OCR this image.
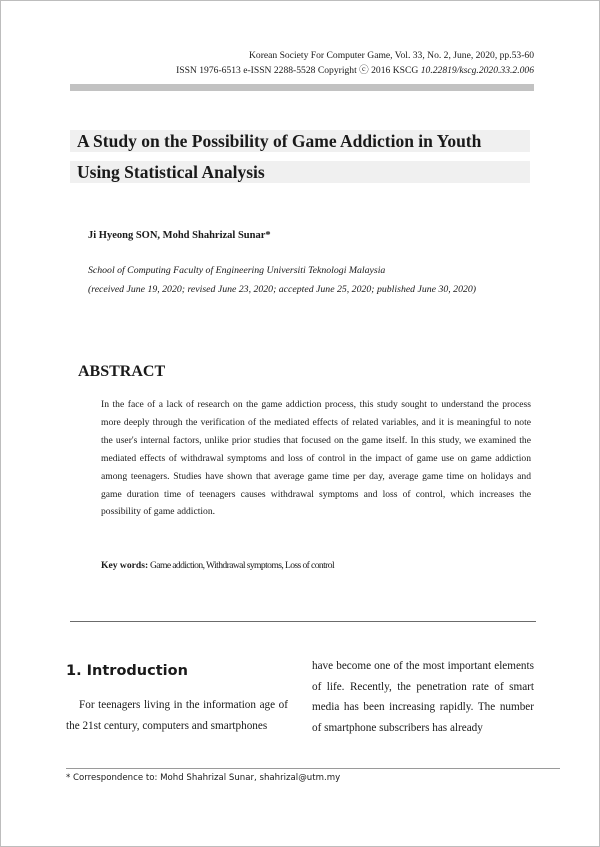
Korean Society For Computer Game, Vol. 33, No. 2, June, 2020, pp.53-60
ISSN 1976-6513 e-ISSN 2288-5528 Copyright ⓒ 2016 KSCG 10.22819/kscg.2020.33.2.006
A Study on the Possibility of Game Addiction in Youth
Using Statistical Analysis
Ji Hyeong SON, Mohd Shahrizal Sunar*
School of Computing Faculty of Engineering Universiti Teknologi Malaysia
(received June 19, 2020; revised June 23, 2020; accepted June 25, 2020; published June 30, 2020)
ABSTRACT
In the face of a lack of research on the game addiction process, this study sought to understand the process more deeply through the verification of the mediated effects of related variables, and it is meaningful to note the user's internal factors, unlike prior studies that focused on the game itself. In this study, we examined the mediated effects of withdrawal symptoms and loss of control in the impact of game use on game addiction among teenagers. Studies have shown that average game time per day, average game time on holidays and game duration time of teenagers causes withdrawal symptoms and loss of control, which increases the possibility of game addiction.
Key words: Game addiction, Withdrawal symptoms, Loss of control
1. Introduction
For teenagers living in the information age of the 21st century, computers and smartphones
have become one of the most important elements of life. Recently, the penetration rate of smart media has been increasing rapidly. The number of smartphone subscribers has already
* Correspondence to: Mohd Shahrizal Sunar, shahrizal@utm.my
